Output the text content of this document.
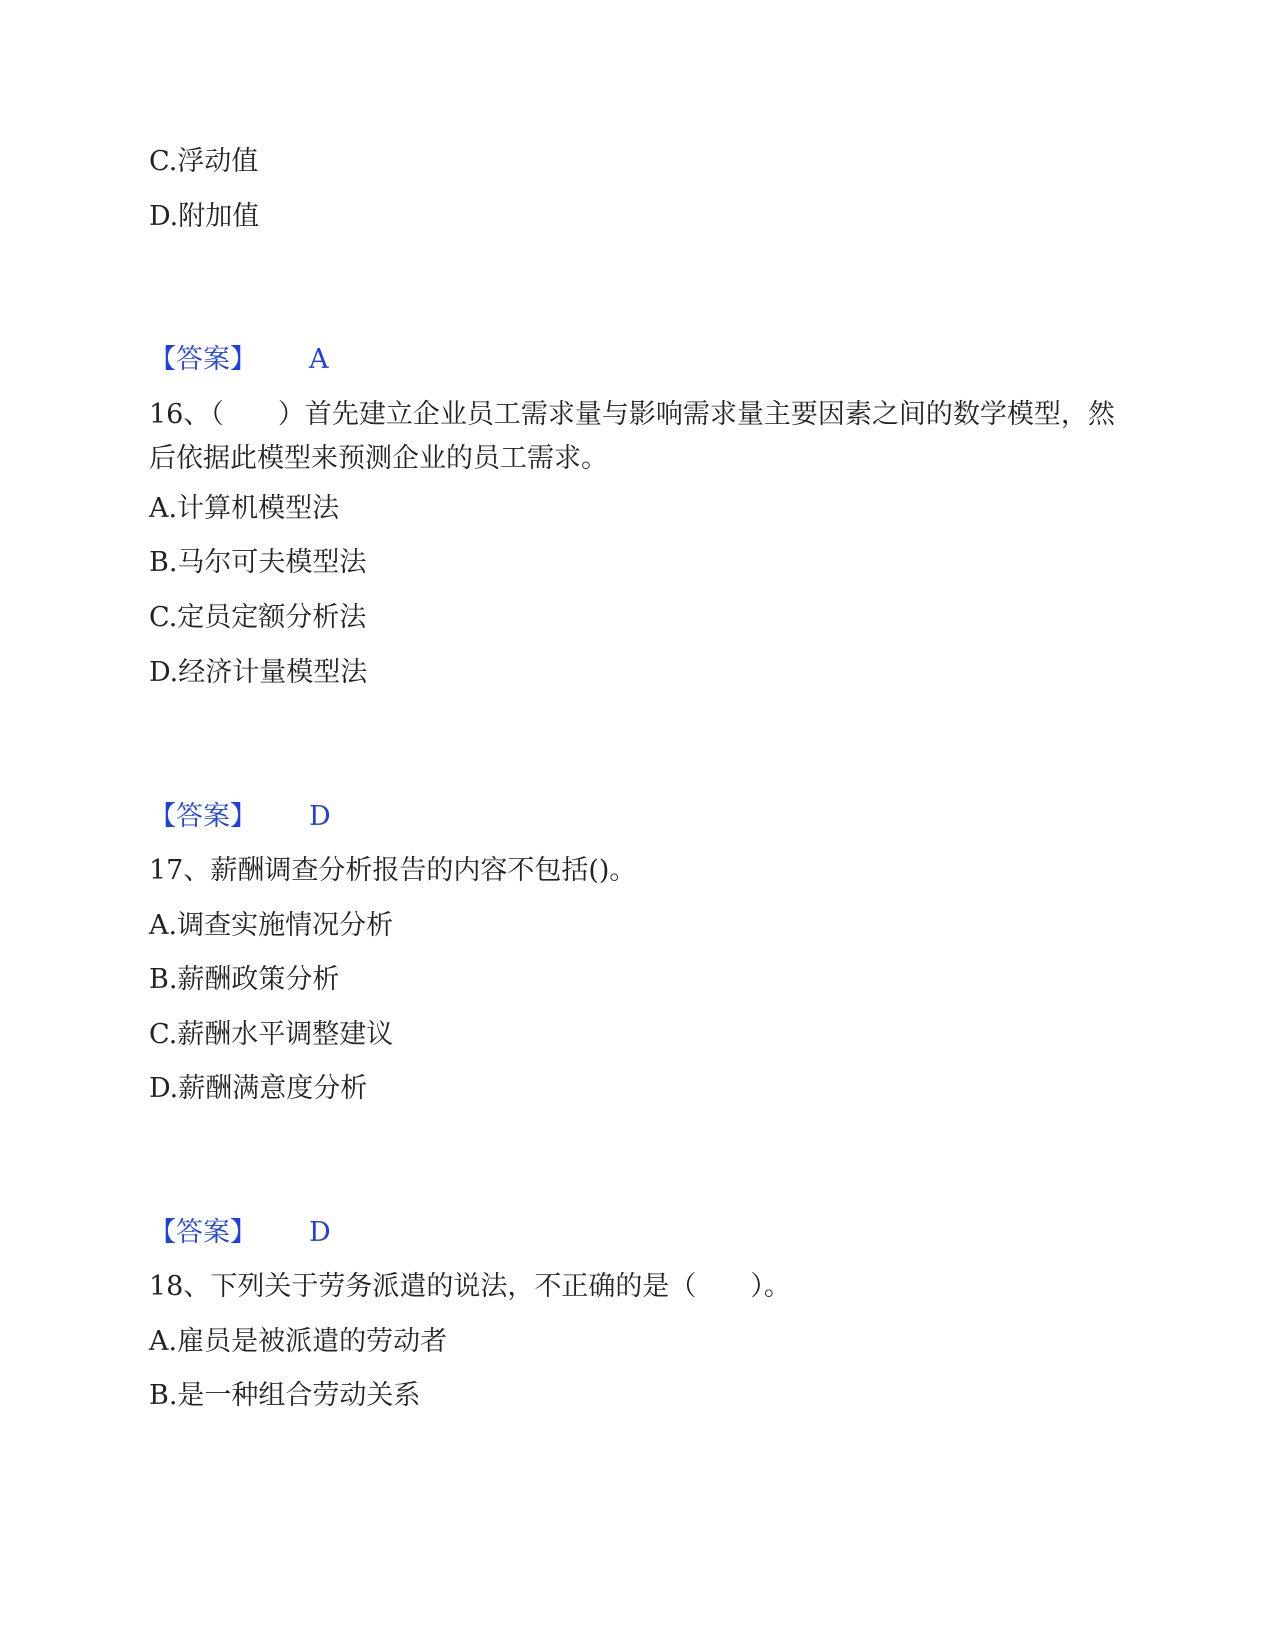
C.浮动值
D.附加值
【答案】 A
16、（　　）首先建立企业员工需求量与影响需求量主要因素之间的数学模型，然后依据此模型来预测企业的员工需求。
A.计算机模型法
B.马尔可夫模型法
C.定员定额分析法
D.经济计量模型法
【答案】 D
17、薪酬调查分析报告的内容不包括()。
A.调查实施情况分析
B.薪酬政策分析
C.薪酬水平调整建议
D.薪酬满意度分析
【答案】 D
18、下列关于劳务派遣的说法，不正确的是（　　）。
A.雇员是被派遣的劳动者
B.是一种组合劳动关系
